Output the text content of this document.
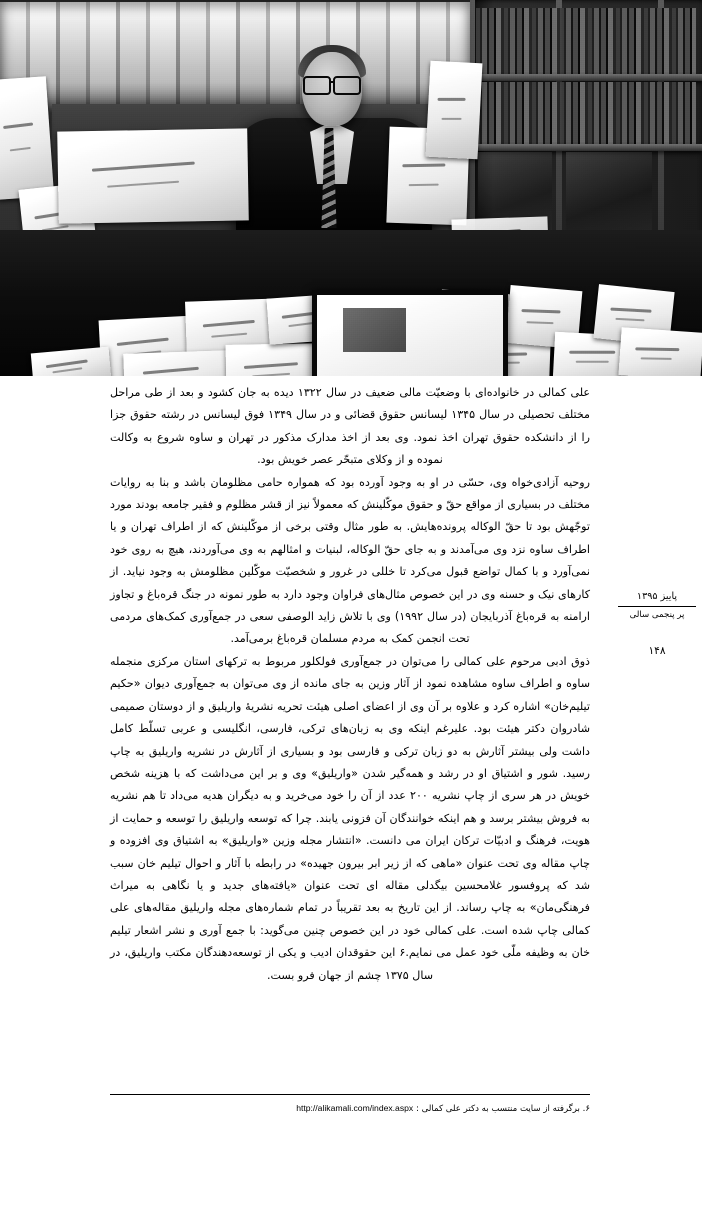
علی کمالی در خانواده‌ای با وضعیّت مالی ضعیف در سال ۱۳۲۲ دیده به جان کشود و بعد از طی مراحل مختلف تحصیلی در سال ۱۳۴۵ لیسانس حقوق قضائی و در سال ۱۳۴۹ فوق لیسانس در رشته حقوق جزا را از دانشکده حقوق تهران اخذ نمود. وی بعد از اخذ مدارک مذکور در تهران و ساوه شروع به وکالت نموده و از وکلای متبحّر عصر خویش بود.

روحیه آزادی‌خواه وی، حسّی در او به وجود آورده بود که همواره حامی مظلومان باشد و بنا به روایات مختلف در بسیاری از مواقع حقّ و حقوق موکّلینش که معمولاً نیز از قشر مظلوم و فقیر جامعه بودند مورد توجّهش بود تا حقّ الوکاله پرونده‌هایش. به طور مثال وقتی برخی از موکّلینش که از اطراف تهران و یا اطراف ساوه نزد وی می‌آمدند و به جای حقّ الوکاله، لبنیات و امثالهم به وی می‌آوردند، هیچ به روی خود نمی‌آورد و با کمال تواضع قبول می‌کرد تا خللی در غرور و شخصیّت موکّلین مظلومش به وجود نیاید. از کارهای نیک و حسنه وی در این خصوص مثال‌های فراوان وجود دارد به طور نمونه در جنگ قره‌باغ و تجاوز ارامنه به قره‌باغ آذربایجان (در سال ۱۹۹۲) وی با تلاش زاید الوصفی سعی در جمع‌آوری کمک‌های مردمی تحت انجمن کمک به مردم مسلمان قره‌باغ برمی‌آمد.

ذوق ادبی مرحوم علی کمالی را می‌توان در جمع‌آوری فولکلور مربوط به ترکهای استان مرکزی منجمله ساوه و اطراف ساوه مشاهده نمود از آثار وزین به جای مانده از وی می‌توان به جمع‌آوری دیوان «حکیم تیلیم‌خان» اشاره کرد و علاوه بر آن وی از اعضای اصلی هیئت تحریه نشریهٔ واریلیق و از دوستان صمیمی شادروان دکتر هیئت بود. علیرغم اینکه وی به زبان‌های ترکی، فارسی، انگلیسی و عربی تسلّط کامل داشت ولی بیشتر آثارش به دو زبان ترکی و فارسی بود و بسیاری از آثارش در نشریه واریلیق به چاپ رسید. شور و اشتیاق او در رشد و همه‌گیر شدن «واریلیق» وی و بر این می‌داشت که با هزینه شخص خویش در هر سری از چاپ نشریه ۲۰۰ عدد از آن را خود می‌خرید و به دیگران هدیه می‌داد تا هم نشریه به فروش بیشتر برسد و هم اینکه خوانندگان آن فزونی یابند. چرا که توسعه واریلیق را توسعه و حمایت از هویت، فرهنگ و ادبیّات ترکان ایران می دانست. «انتشار مجله وزین «واریلیق» به اشتیاق وی افزوده و چاپ مقاله وی تحت عنوان «ماهی که از زیر ابر بیرون جهیده» در رابطه با آثار و احوال تیلیم خان سبب شد که پروفسور غلامحسین بیگدلی مقاله ای تحت عنوان «یافته‌های جدید و یا نگاهی به میراث فرهنگی‌مان» به چاپ رساند. از این تاریخ به بعد تقریباً در تمام شماره‌های مجله واریلیق مقاله‌های علی کمالی چاپ شده است. علی کمالی خود در این خصوص چنین می‌گوید: با جمع آوری و نشر اشعار تیلیم خان به وظیفه ملّی خود عمل می نمایم.۶ این حقوقدان ادیب و یکی از توسعه‌دهندگان مکتب واریلیق، در سال ۱۳۷۵ چشم از جهان فرو بست.

پاییز ۱۳۹۵
پر پنجمی سالی
۱۴۸
۶. برگرفته از سایت منتسب به دکتر علی کمالی : http://alikamali.com/index.aspx
